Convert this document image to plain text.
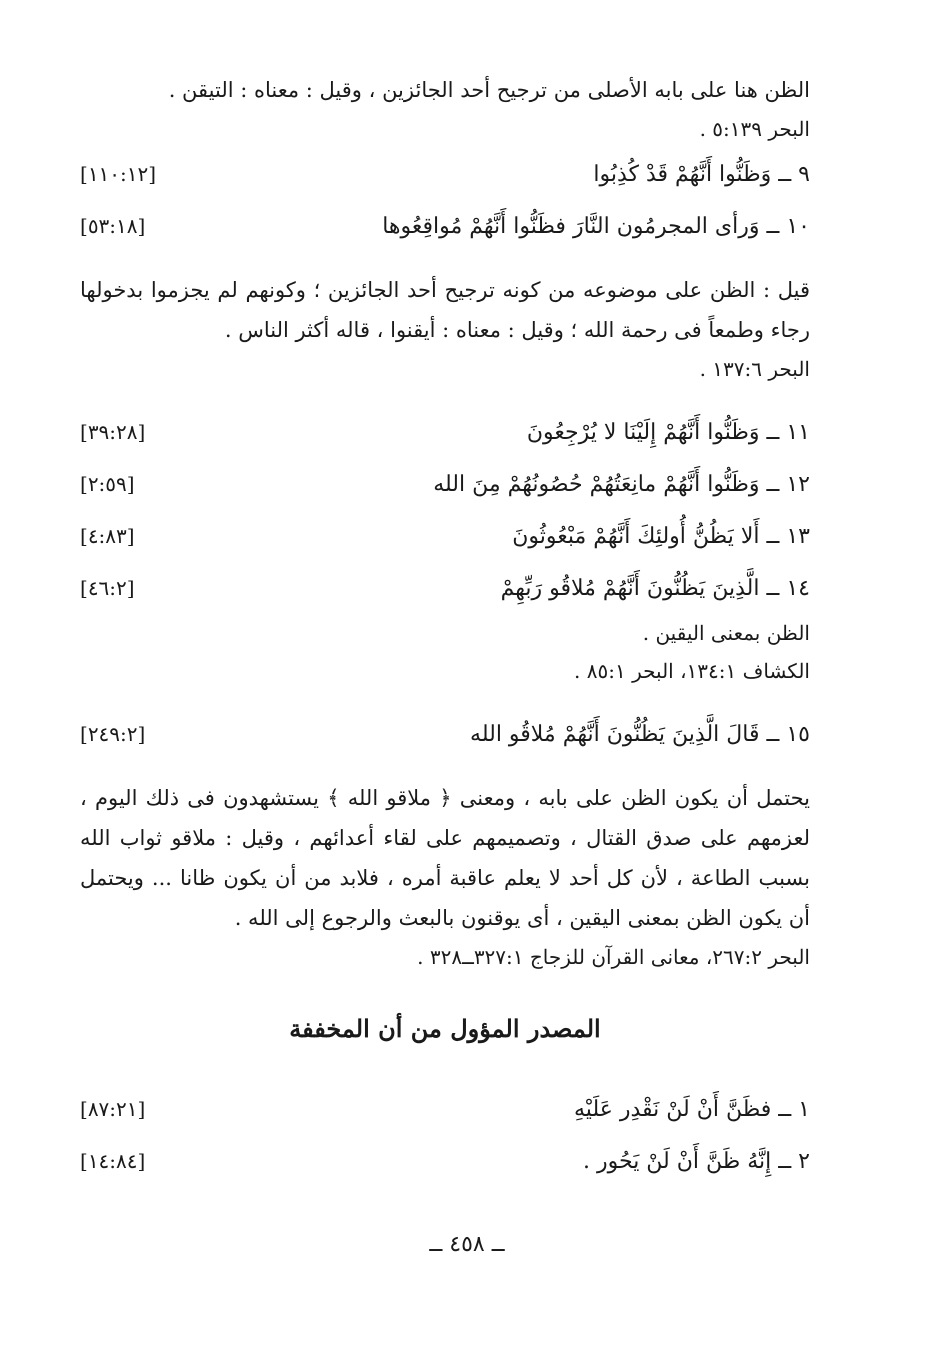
الظن هنا على بابه الأصلى من ترجيح أحد الجائزين ، وقيل : معناه : التيقن .

البحر ٥:١٣٩ .

٩ ــ وَظَنُّوا أَنَّهُمْ قَدْ كُذِبُوا
[١١٠:١٢]
١٠ ــ وَرأى المجرمُون النَّارَ فظَنُّوا أَنَّهُمْ مُواقِعُوها
[٥٣:١٨]

قيل : الظن على موضوعه من كونه ترجيح أحد الجائزين ؛ وكونهم لم يجزموا بدخولها رجاء وطمعاً فى رحمة الله ؛ وقيل : معناه : أيقنوا ، قاله أكثر الناس .

البحر ١٣٧:٦ .

١١ ــ وَظَنُّوا أَنَّهُمْ إِلَيْنَا لا يُرْجِعُونَ
[٣٩:٢٨]
١٢ ــ وَظَنُّوا أَنَّهُمْ مانِعَتُهُمْ حُصُونُهُمْ مِنَ الله
[٢:٥٩]
١٣ ــ أَلا يَظُنُّ أُولئِكَ أَنَّهُمْ مَبْعُوثُونَ
[٤:٨٣]
١٤ ــ الَّذِينَ يَظُنُّونَ أَنَّهُمْ مُلاقُو رَبِّهِمْ
[٤٦:٢]

الظن بمعنى اليقين .

الكشاف ١٣٤:١، البحر ٨٥:١ .

١٥ ــ قَالَ الَّذِينَ يَظُنُّونَ أَنَّهُمْ مُلاقُو الله
[٢٤٩:٢]

يحتمل أن يكون الظن على بابه ، ومعنى ﴿ ملاقو الله ﴾ يستشهدون فى ذلك اليوم ، لعزمهم على صدق القتال ، وتصميمهم على لقاء أعدائهم ، وقيل : ملاقو ثواب الله بسبب الطاعة ، لأن كل أحد لا يعلم عاقبة أمره ، فلابد من أن يكون ظانا ... ويحتمل أن يكون الظن بمعنى اليقين ، أى يوقنون بالبعث والرجوع إلى الله .

البحر ٢٦٧:٢، معانى القرآن للزجاج ٣٢٧:١ــ٣٢٨ .

المصدر المؤول من أن المخففة
١ ــ فظَنَّ أَنْ لَنْ نَقْدِر عَلَيْهِ
[٨٧:٢١]
٢ ــ إِنَّهُ ظَنَّ أَنْ لَنْ يَحُور .
[١٤:٨٤]
ــ ٤٥٨ ــ
